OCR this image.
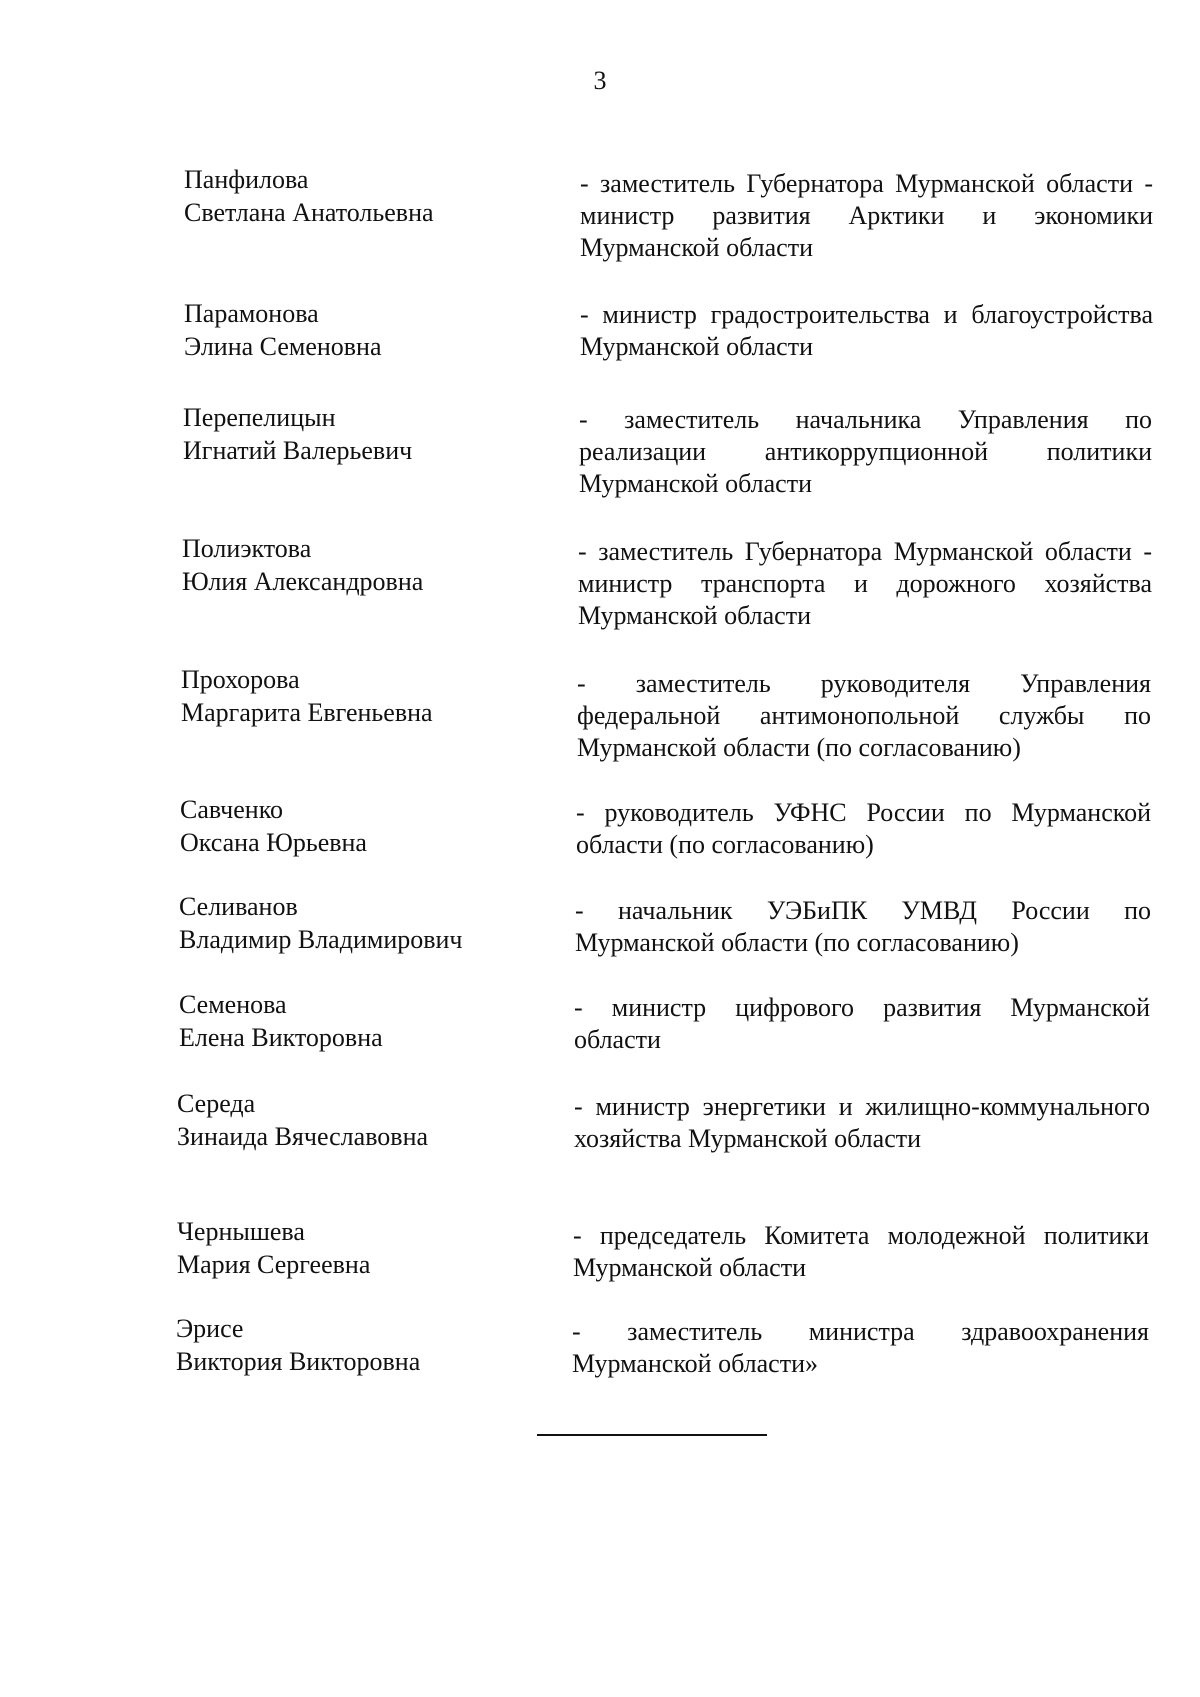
3
Панфилова
Светлана Анатольевна
- заместитель Губернатора Мурманской области - министр развития Арктики и экономики Мурманской области
Парамонова
Элина Семеновна
- министр градостроительства и благоустройства Мурманской области
Перепелицын
Игнатий Валерьевич
- заместитель начальника Управления по реализации антикоррупционной политики Мурманской области
Полиэктова
Юлия Александровна
- заместитель Губернатора Мурманской области - министр транспорта и дорожного хозяйства Мурманской области
Прохорова
Маргарита Евгеньевна
- заместитель руководителя Управления федеральной антимонопольной службы по Мурманской области (по согласованию)
Савченко
Оксана Юрьевна
- руководитель УФНС России по Мурманской области (по согласованию)
Селиванов
Владимир Владимирович
- начальник УЭБиПК УМВД России по Мурманской области (по согласованию)
Семенова
Елена Викторовна
- министр цифрового развития Мурманской области
Середа
Зинаида Вячеславовна
- министр энергетики и жилищно-коммунального хозяйства Мурманской области
Чернышева
Мария Сергеевна
- председатель Комитета молодежной политики Мурманской области
Эрисе
Виктория Викторовна
- заместитель министра здравоохранения Мурманской области»
